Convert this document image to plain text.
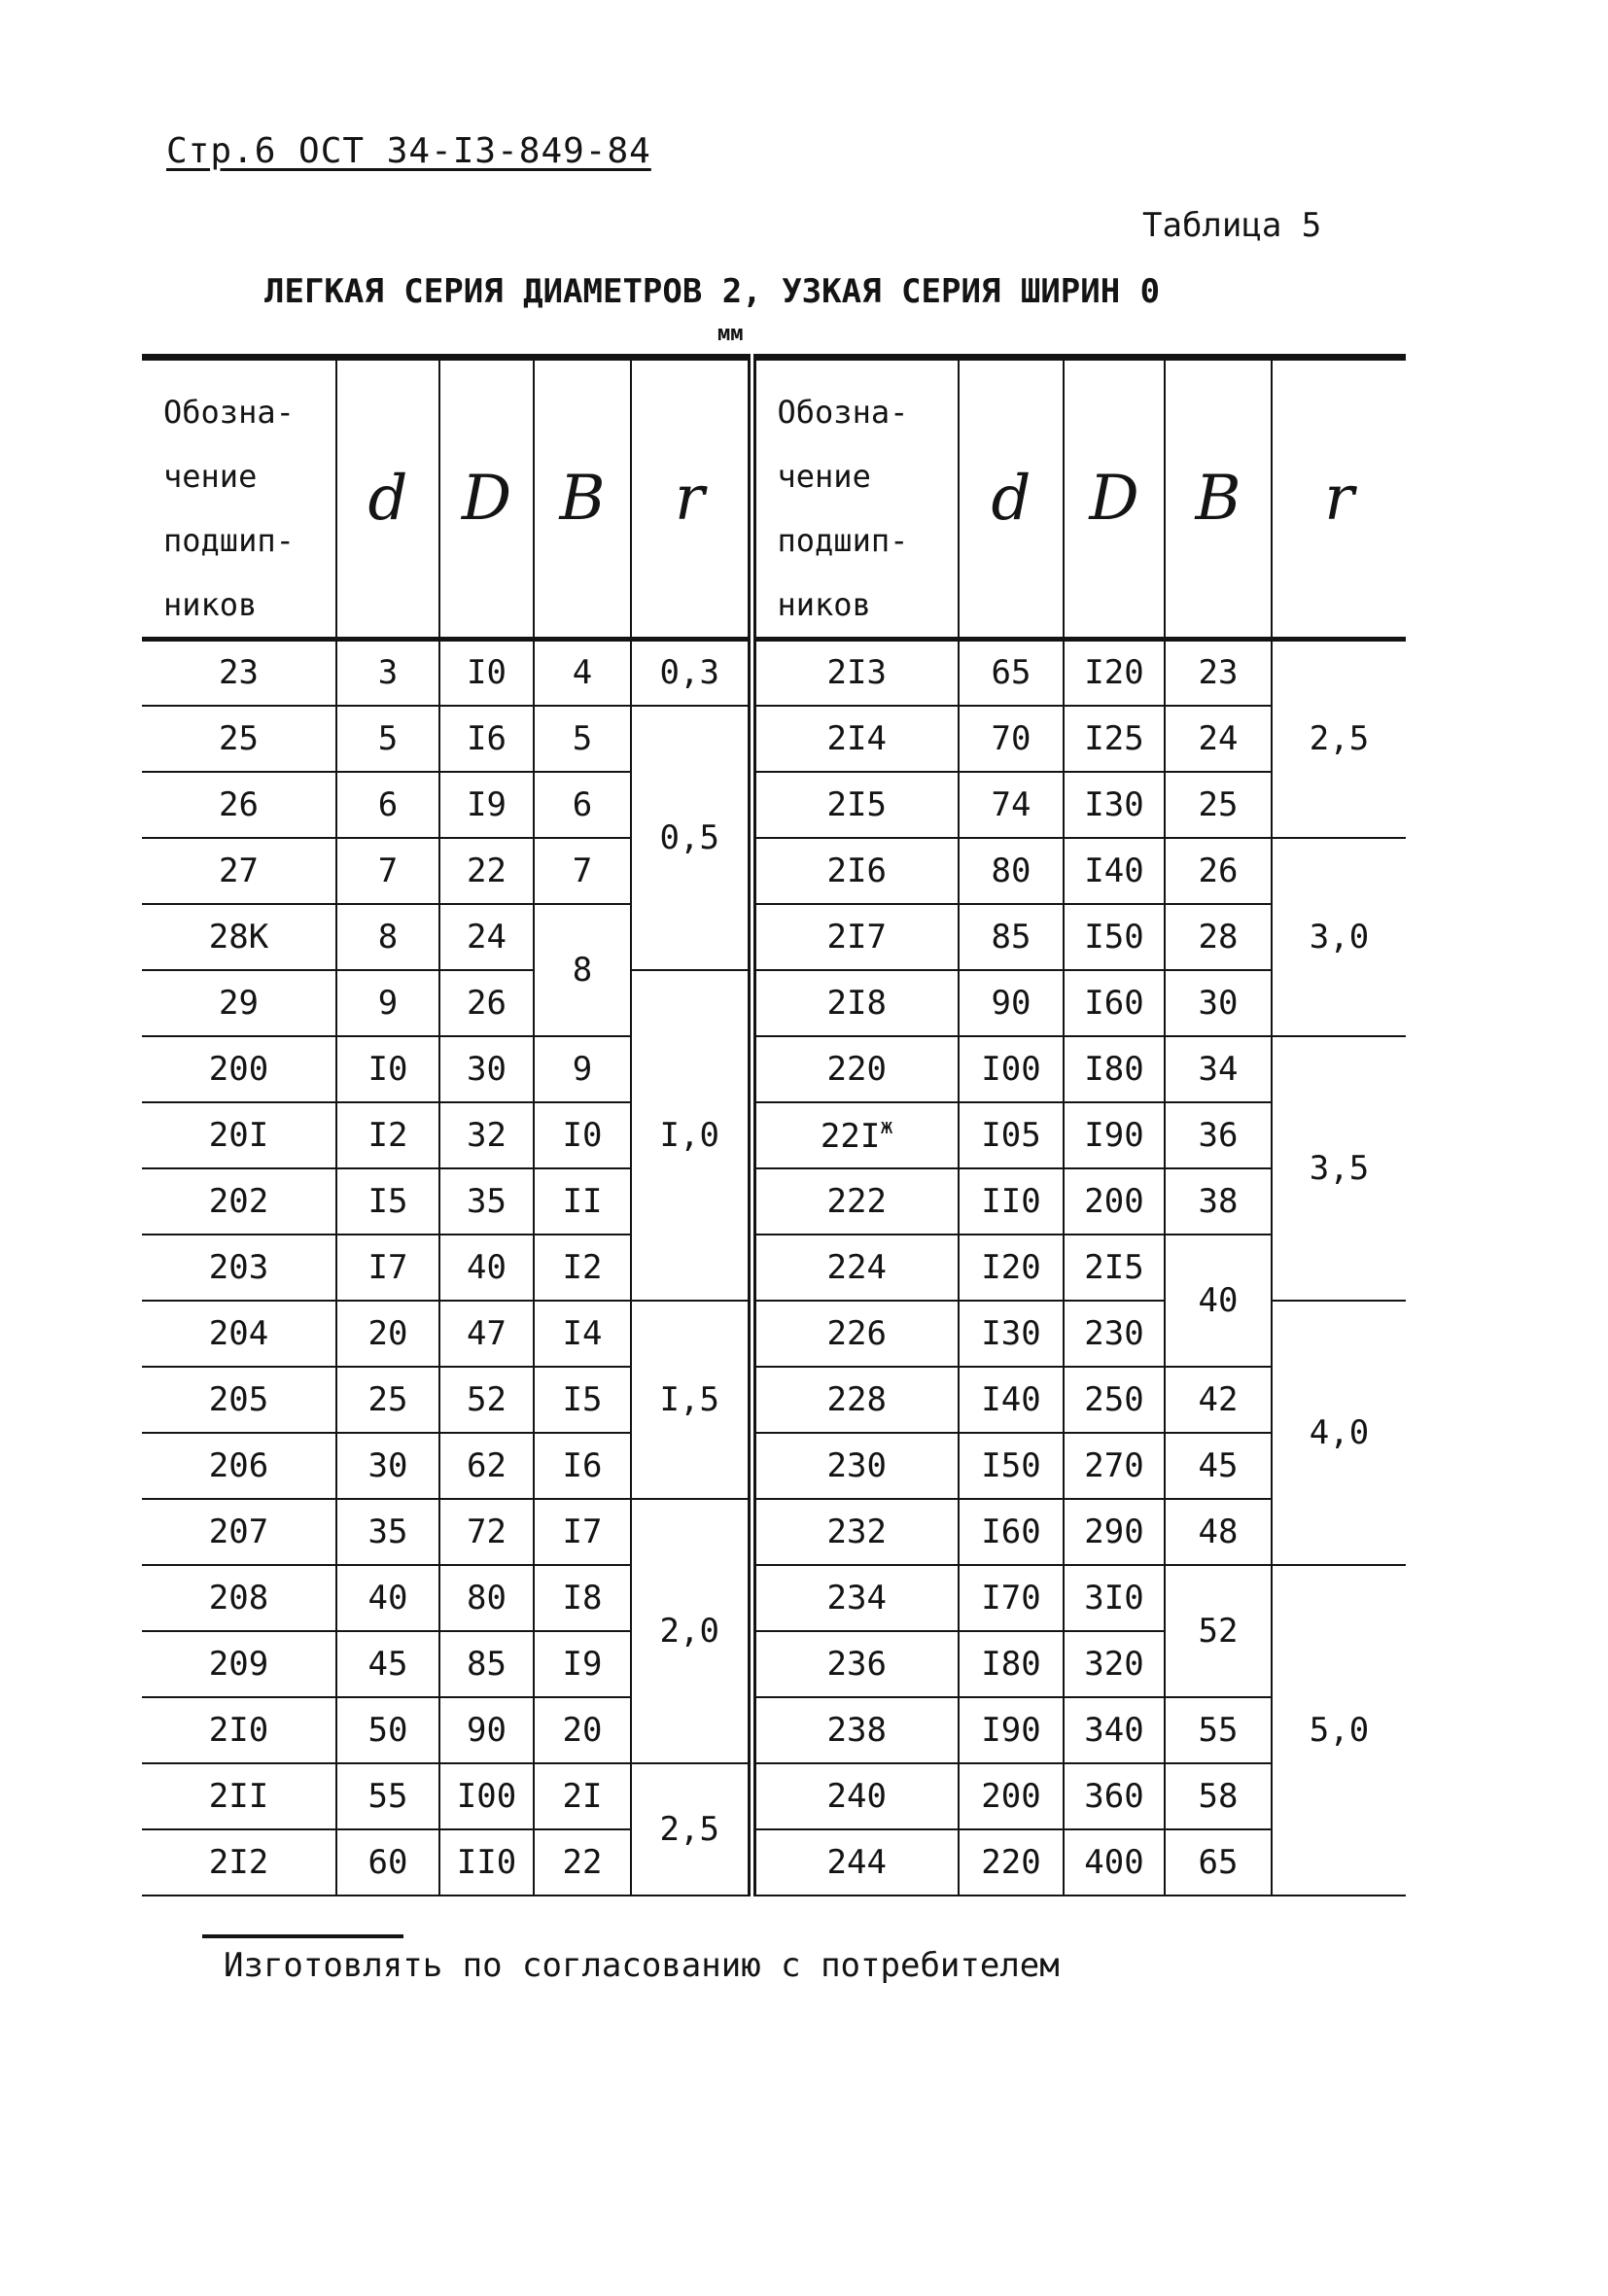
Стр.6 ОСТ 34-I3-849-84
Таблица 5
ЛЕГКАЯ СЕРИЯ ДИАМЕТРОВ 2, УЗКАЯ СЕРИЯ ШИРИН 0
мм
Обозна-
чение
подшип-
ников	d	D	B	r	Обозна-
чение
подшип-
ников	d	D	B	r
23	3	I0	4	0,3	2I3	65	I20	23	2,5
25	5	I6	5	0,5	2I4	70	I25	24	
26	6	I9	6		2I5	74	I30	25	
27	7	22	7		2I6	80	I40	26	3,0
28К	8	24	8		2I7	85	I50	28	
29	9	26		I,0	2I8	90	I60	30	
200	I0	30	9		220	I00	I80	34	3,5
20I	I2	32	I0		$22I^ж$	I05	I90	36	
202	I5	35	II		222	II0	200	38	
203	I7	40	I2		224	I20	2I5	40	
204	20	47	I4	I,5	226	I30	230		4,0
205	25	52	I5		228	I40	250	42	
206	30	62	I6		230	I50	270	45	
207	35	72	I7	2,0	232	I60	290	48	
208	40	80	I8		234	I70	3I0	52	5,0
209	45	85	I9		236	I80	320		
2I0	50	90	20		238	I90	340	55	
2II	55	I00	2I	2,5	240	200	360	58	
2I2	60	II0	22		244	220	400	65	
Изготовлять по согласованию с потребителем
